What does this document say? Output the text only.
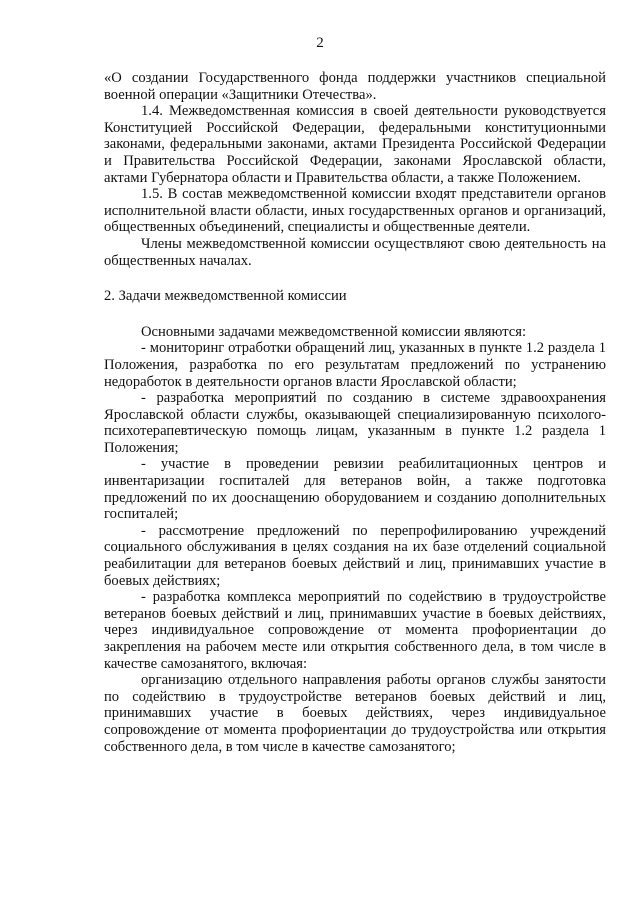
2

«О создании Государственного фонда поддержки участников специальной военной операции «Защитники Отечества».

1.4. Межведомственная комиссия в своей деятельности руководствуется Конституцией Российской Федерации, федеральными конституционными законами, федеральными законами, актами Президента Российской Федерации и Правительства Российской Федерации, законами Ярославской области, актами Губернатора области и Правительства области, а также Положением.

1.5. В состав межведомственной комиссии входят представители органов исполнительной власти области, иных государственных органов и организаций, общественных объединений, специалисты и общественные деятели.

Члены межведомственной комиссии осуществляют свою деятельность на общественных началах.

2. Задачи межведомственной комиссии

Основными задачами межведомственной комиссии являются:

- мониторинг отработки обращений лиц, указанных в пункте 1.2 раздела 1 Положения, разработка по его результатам предложений по устранению недоработок в деятельности органов власти Ярославской области;

- разработка мероприятий по созданию в системе здравоохранения Ярославской области службы, оказывающей специализированную психолого-психотерапевтическую помощь лицам, указанным в пункте 1.2 раздела 1 Положения;

- участие в проведении ревизии реабилитационных центров и инвентаризации госпиталей для ветеранов войн, а также подготовка предложений по их дооснащению оборудованием и созданию дополнительных госпиталей;

- рассмотрение предложений по перепрофилированию учреждений социального обслуживания в целях создания на их базе отделений социальной реабилитации для ветеранов боевых действий и лиц, принимавших участие в боевых действиях;

- разработка комплекса мероприятий по содействию в трудоустройстве ветеранов боевых действий и лиц, принимавших участие в боевых действиях, через индивидуальное сопровождение от момента профориентации до закрепления на рабочем месте или открытия собственного дела, в том числе в качестве самозанятого, включая:

организацию отдельного направления работы органов службы занятости по содействию в трудоустройстве ветеранов боевых действий и лиц, принимавших участие в боевых действиях, через индивидуальное сопровождение от момента профориентации до трудоустройства или открытия собственного дела, в том числе в качестве самозанятого;
